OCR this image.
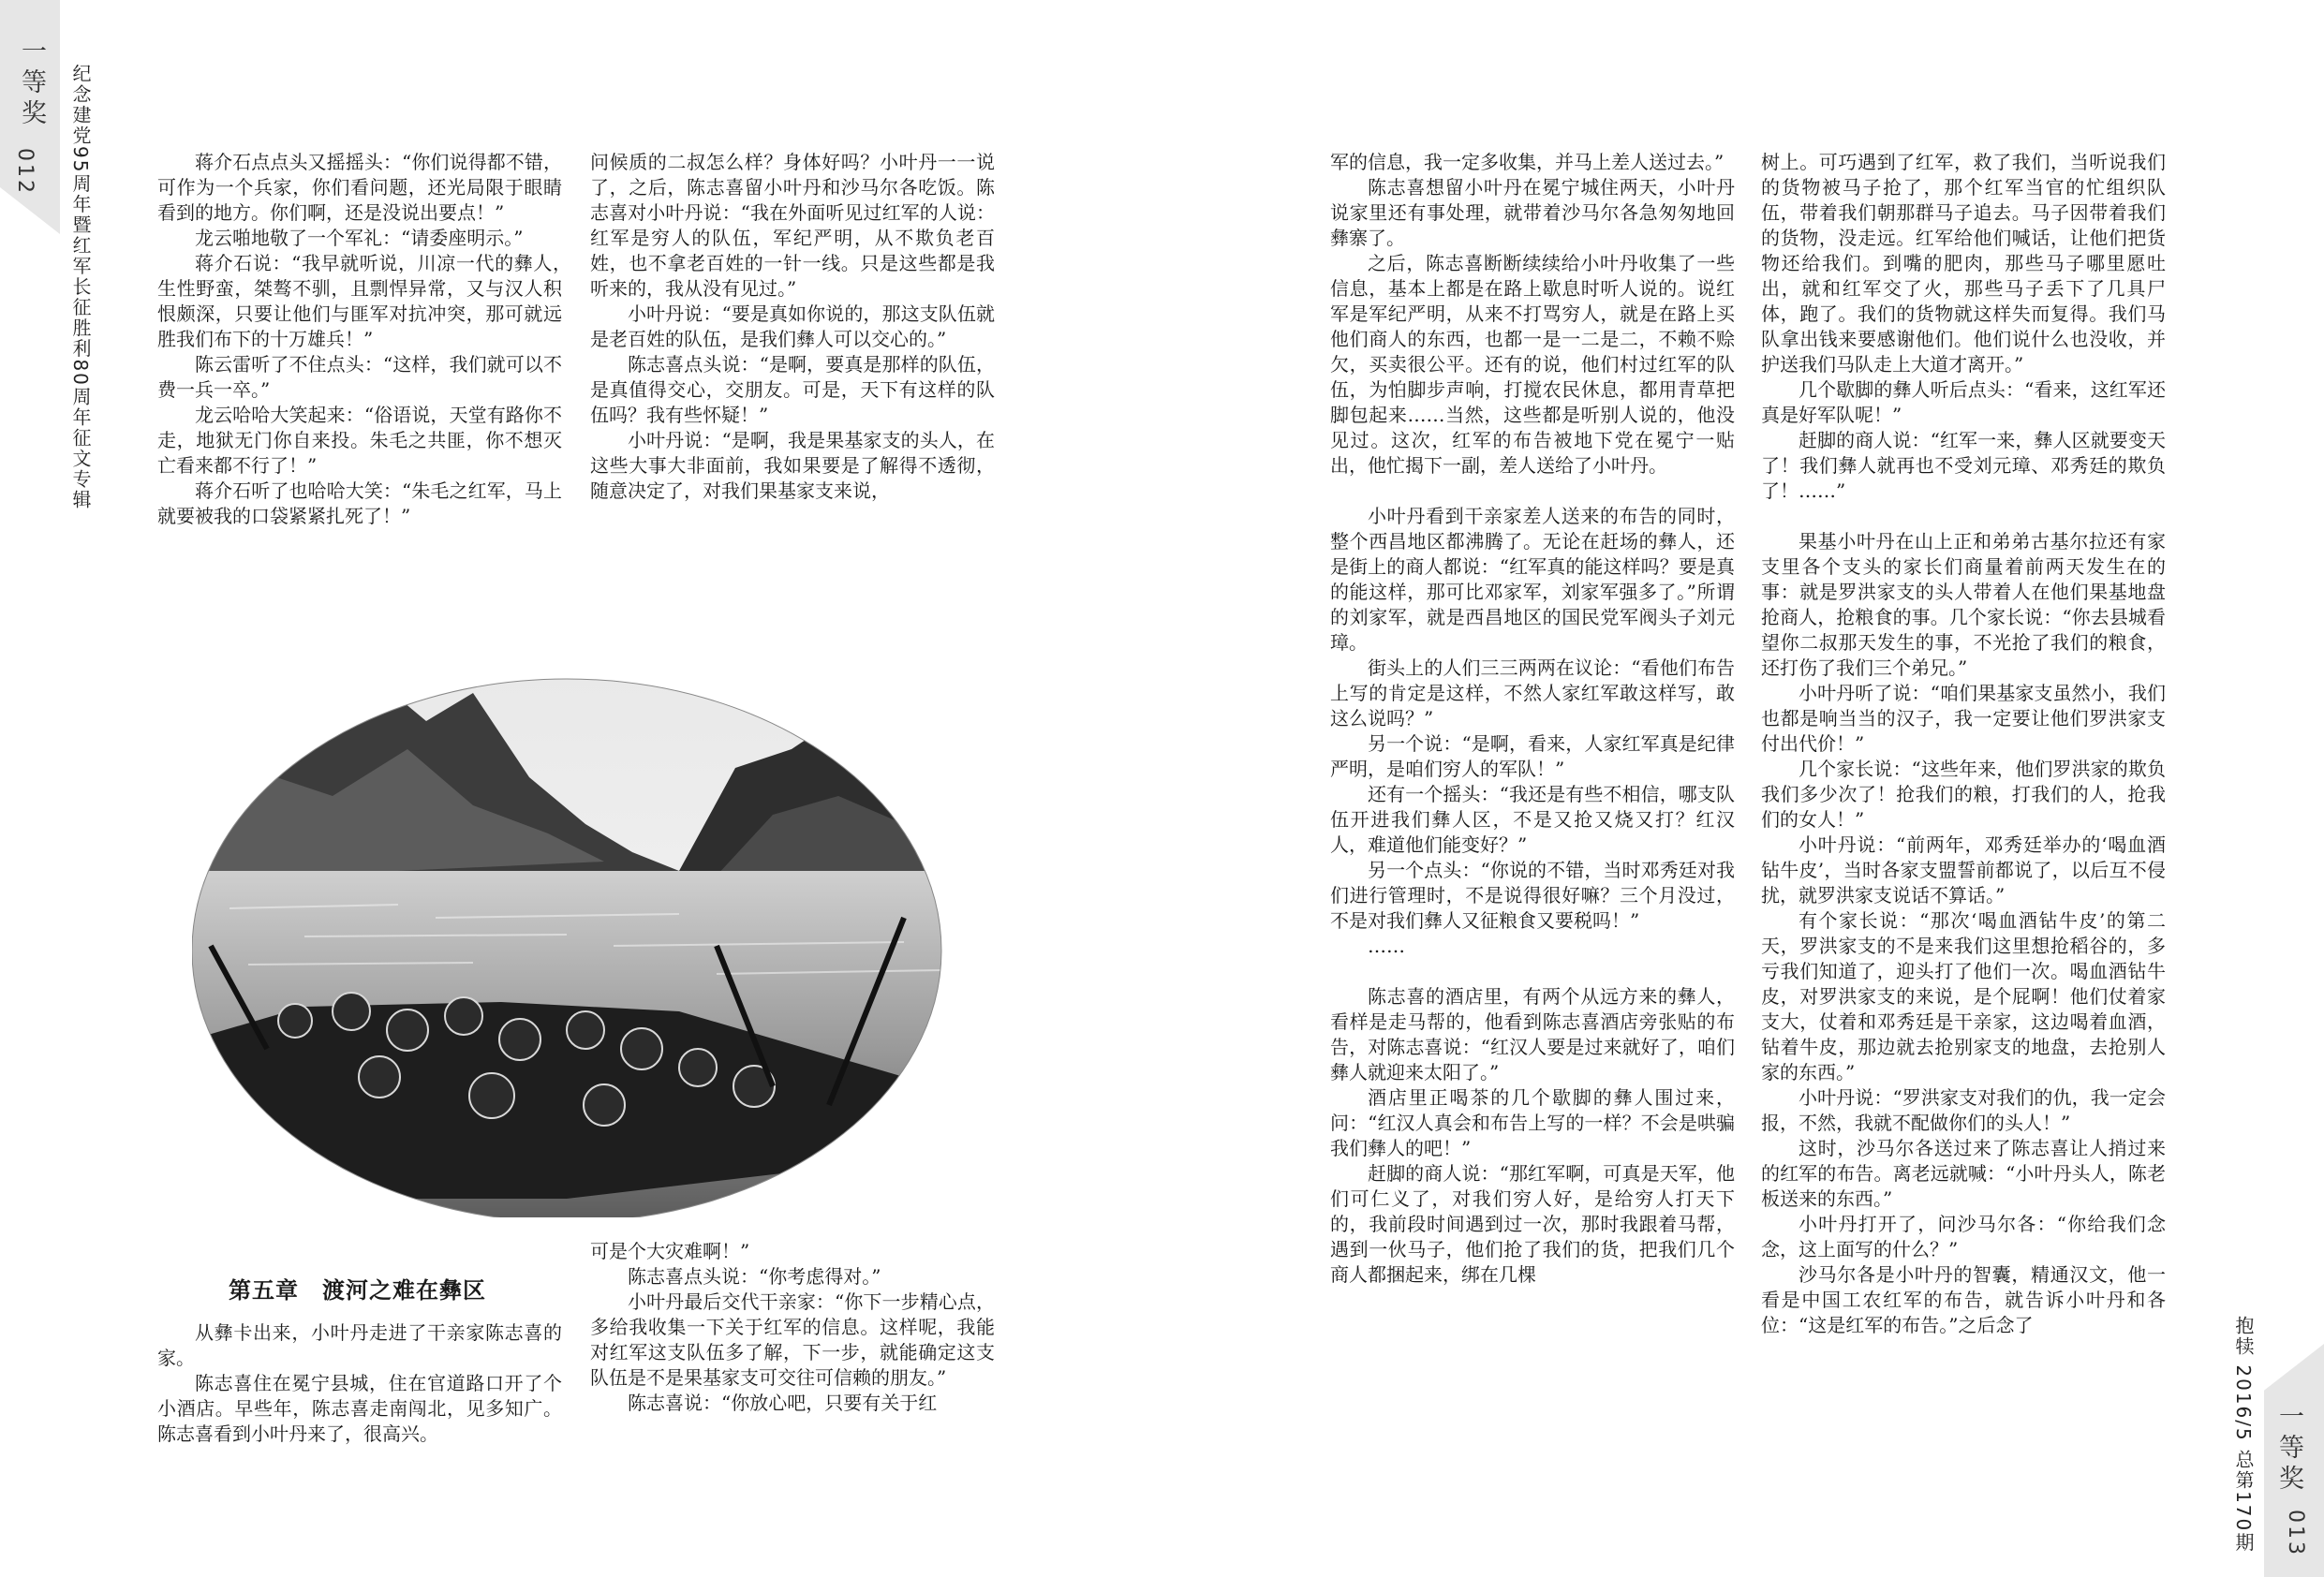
一等奖
012 纪念建党95周年暨红军长征胜利80周年征文专辑	蒋介石点点头又摇摇头：“你们说得都不错，可作为一个兵家，你们看问题，还光局限于眼睛看到的地方。你们啊，还是没说出要点！”

龙云啪地敬了一个军礼：“请委座明示。”

蒋介石说：“我早就听说，川凉一代的彝人，　生性野蛮，桀骜不驯，且剽悍异常，又与汉人积恨颇深，只要让他们与匪军对抗冲突，那可就远胜我们布下的十万雄兵！”

陈云雷听了不住点头：“这样，我们就可以不费一兵一卒。”

龙云哈哈大笑起来：“俗语说，天堂有路你不走，地狱无门你自来投。朱毛之共匪，你不想灭亡看来都不行了！”

蒋介石听了也哈哈大笑：“朱毛之红军，马上就要被我的口袋紧紧扎死了！”

问候质的二叔怎么样？身体好吗？小叶丹一一说了，之后，陈志喜留小叶丹和沙马尔各吃饭。陈志喜对小叶丹说：“我在外面听见过红军的人说：红军是穷人的队伍，军纪严明，从不欺负老百姓，也不拿老百姓的一针一线。只是这些都是我听来的，我从没有见过。”

小叶丹说：“要是真如你说的，那这支队伍就是老百姓的队伍，是我们彝人可以交心的。”

陈志喜点头说：“是啊，要真是那样的队伍，是真值得交心，交朋友。可是，天下有这样的队伍吗？我有些怀疑！”

小叶丹说：“是啊，我是果基家支的头人，在这些大事大非面前，我如果要是了解得不透彻，随意决定了，对我们果基家支来说，

第五章　渡河之难在彝区

从彝卡出来，小叶丹走进了干亲家陈志喜的家。

陈志喜住在冕宁县城，住在官道路口开了个小酒店。早些年，陈志喜走南闯北，见多知广。陈志喜看到小叶丹来了，很高兴。

可是个大灾难啊！”

陈志喜点头说：“你考虑得对。”

小叶丹最后交代干亲家：“你下一步精心点，多给我收集一下关于红军的信息。这样呢，我能对红军这支队伍多了解，下一步，就能确定这支队伍是不是果基家支可交往可信赖的朋友。”

陈志喜说：“你放心吧，只要有关于红	一等奖
013
抱犊 2016/5 总第170期

军的信息，我一定多收集，并马上差人送过去。”

陈志喜想留小叶丹在冕宁城住两天，小叶丹说家里还有事处理，就带着沙马尔各急匆匆地回彝寨了。

之后，陈志喜断断续续给小叶丹收集了一些信息，基本上都是在路上歇息时听人说的。说红军是军纪严明，从来不打骂穷人，就是在路上买他们商人的东西，也都一是一二是二，不赖不赊欠，买卖很公平。还有的说，他们村过红军的队伍，为怕脚步声响，打搅农民休息，都用青草把脚包起来……当然，这些都是听别人说的，他没见过。这次，红军的布告被地下党在冕宁一贴出，他忙揭下一副，差人送给了小叶丹。

小叶丹看到干亲家差人送来的布告的同时，整个西昌地区都沸腾了。无论在赶场的彝人，还是街上的商人都说：“红军真的能这样吗？要是真的能这样，那可比邓家军，刘家军强多了。”所谓的刘家军，就是西昌地区的国民党军阀头子刘元璋。

街头上的人们三三两两在议论：“看他们布告上写的肯定是这样，不然人家红军敢这样写，敢这么说吗？”

另一个说：“是啊，看来，人家红军真是纪律严明，是咱们穷人的军队！”

还有一个摇头：“我还是有些不相信，哪支队伍开进我们彝人区，不是又抢又烧又打？红汉人，难道他们能变好？”

另一个点头：“你说的不错，当时邓秀廷对我们进行管理时，不是说得很好嘛？三个月没过，不是对我们彝人又征粮食又要税吗！”

……

陈志喜的酒店里，有两个从远方来的彝人，看样是走马帮的，他看到陈志喜酒店旁张贴的布告，对陈志喜说：“红汉人要是过来就好了，咱们彝人就迎来太阳了。”

酒店里正喝茶的几个歇脚的彝人围过来，问：“红汉人真会和布告上写的一样？不会是哄骗我们彝人的吧！”

赶脚的商人说：“那红军啊，可真是天军，他们可仁义了，对我们穷人好，是给穷人打天下的，我前段时间遇到过一次，那时我跟着马帮，遇到一伙马子，他们抢了我们的货，把我们几个商人都捆起来，绑在几棵

树上。可巧遇到了红军，救了我们，当听说我们的货物被马子抢了，那个红军当官的忙组织队伍，带着我们朝那群马子追去。马子因带着我们的货物，没走远。红军给他们喊话，让他们把货物还给我们。到嘴的肥肉，那些马子哪里愿吐出，就和红军交了火，那些马子丢下了几具尸体，跑了。我们的货物就这样失而复得。我们马队拿出钱来要感谢他们。他们说什么也没收，并护送我们马队走上大道才离开。”

几个歇脚的彝人听后点头：“看来，这红军还真是好军队呢！”

赶脚的商人说：“红军一来，彝人区就要变天了！我们彝人就再也不受刘元璋、邓秀廷的欺负了！……”

果基小叶丹在山上正和弟弟古基尔拉还有家支里各个支头的家长们商量着前两天发生在的事：就是罗洪家支的头人带着人在他们果基地盘抢商人，抢粮食的事。几个家长说：“你去县城看望你二叔那天发生的事，不光抢了我们的粮食，还打伤了我们三个弟兄。”

小叶丹听了说：“咱们果基家支虽然小，我们也都是响当当的汉子，我一定要让他们罗洪家支付出代价！”

几个家长说：“这些年来，他们罗洪家的欺负我们多少次了！抢我们的粮，打我们的人，抢我们的女人！”

小叶丹说：“前两年，邓秀廷举办的‘喝血酒钻牛皮’，当时各家支盟誓前都说了，以后互不侵扰，就罗洪家支说话不算话。”

有个家长说：“那次‘喝血酒钻牛皮’的第二天，罗洪家支的不是来我们这里想抢稻谷的，多亏我们知道了，迎头打了他们一次。喝血酒钻牛皮，对罗洪家支的来说，是个屁啊！他们仗着家支大，仗着和邓秀廷是干亲家，这边喝着血酒，钻着牛皮，那边就去抢别家支的地盘，去抢别人家的东西。”

小叶丹说：“罗洪家支对我们的仇，我一定会报，不然，我就不配做你们的头人！”

这时，沙马尔各送过来了陈志喜让人捎过来的红军的布告。离老远就喊：“小叶丹头人，陈老板送来的东西。”

小叶丹打开了，问沙马尔各：“你给我们念念，这上面写的什么？”

沙马尔各是小叶丹的智囊，精通汉文，他一看是中国工农红军的布告，就告诉小叶丹和各位：“这是红军的布告。”之后念了
